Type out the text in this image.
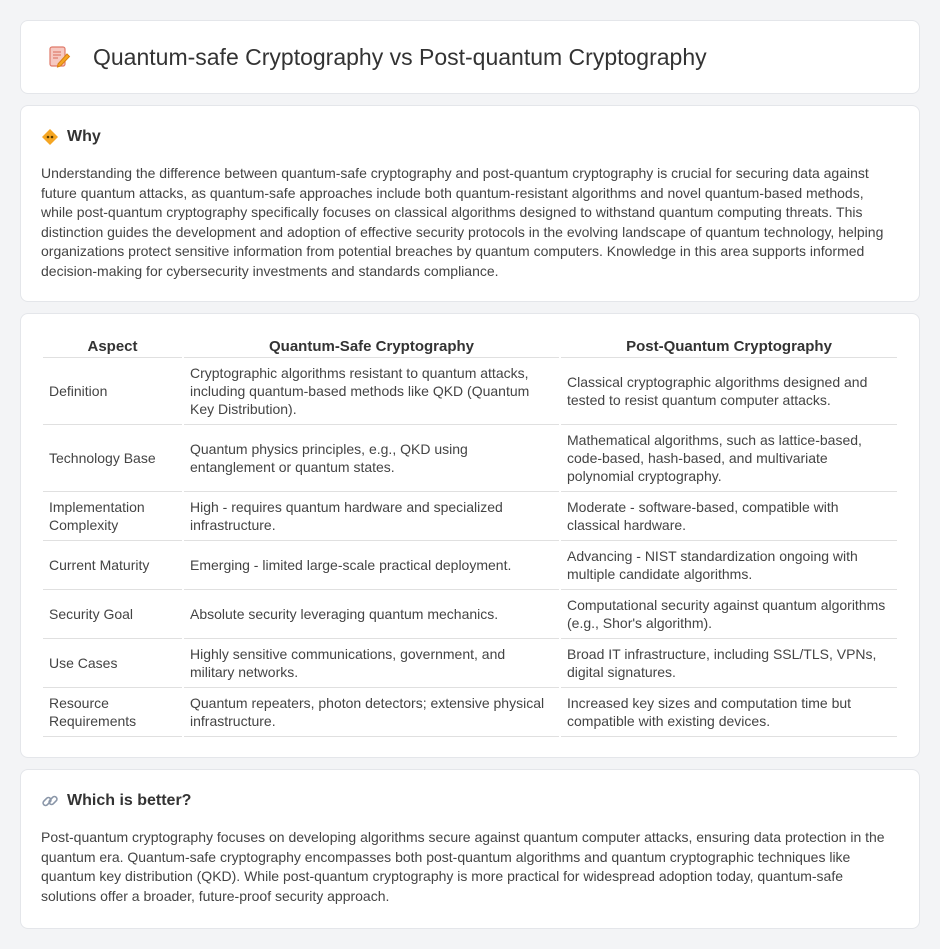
Quantum-safe Cryptography vs Post-quantum Cryptography
Why

Understanding the difference between quantum-safe cryptography and post-quantum cryptography is crucial for securing data against future quantum attacks, as quantum-safe approaches include both quantum-resistant algorithms and novel quantum-based methods, while post-quantum cryptography specifically focuses on classical algorithms designed to withstand quantum computing threats. This distinction guides the development and adoption of effective security protocols in the evolving landscape of quantum technology, helping organizations protect sensitive information from potential breaches by quantum computers. Knowledge in this area supports informed decision-making for cybersecurity investments and standards compliance.

Aspect	Quantum-Safe Cryptography	Post-Quantum Cryptography
Definition	Cryptographic algorithms resistant to quantum attacks, including quantum-based methods like QKD (Quantum Key Distribution).	Classical cryptographic algorithms designed and tested to resist quantum computer attacks.
Technology Base	Quantum physics principles, e.g., QKD using entanglement or quantum states.	Mathematical algorithms, such as lattice-based, code-based, hash-based, and multivariate polynomial cryptography.
Implementation Complexity	High - requires quantum hardware and specialized infrastructure.	Moderate - software-based, compatible with classical hardware.
Current Maturity	Emerging - limited large-scale practical deployment.	Advancing - NIST standardization ongoing with multiple candidate algorithms.
Security Goal	Absolute security leveraging quantum mechanics.	Computational security against quantum algorithms (e.g., Shor's algorithm).
Use Cases	Highly sensitive communications, government, and military networks.	Broad IT infrastructure, including SSL/TLS, VPNs, digital signatures.
Resource Requirements	Quantum repeaters, photon detectors; extensive physical infrastructure.	Increased key sizes and computation time but compatible with existing devices.
Which is better?

Post-quantum cryptography focuses on developing algorithms secure against quantum computer attacks, ensuring data protection in the quantum era. Quantum-safe cryptography encompasses both post-quantum algorithms and quantum cryptographic techniques like quantum key distribution (QKD). While post-quantum cryptography is more practical for widespread adoption today, quantum-safe solutions offer a broader, future-proof security approach.
